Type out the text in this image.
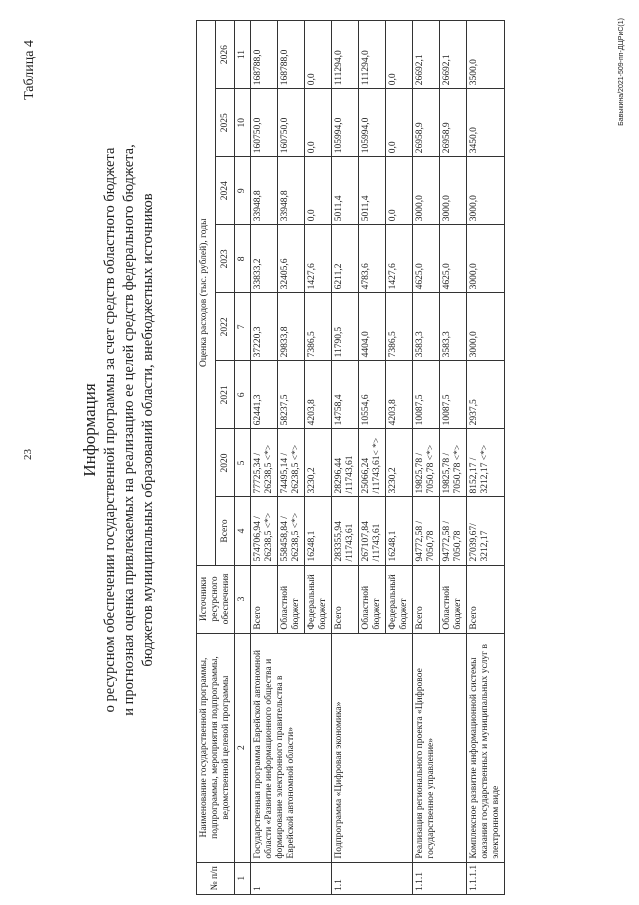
23
Таблица 4
Информация о ресурсном обеспечении государственной программы за счет средств областного бюджета и прогнозная оценка привлекаемых на реализацию ее целей средств федерального бюджета, бюджетов муниципальных образований области, внебюджетных источников
№ п/п	Наименование государственной программы, подпрограммы, мероприятия подпрограммы, ведомственной целевой программы	Источники ресурсного обеспечения	Оценка расходов (тыс. рублей), годы							
			Всего	2020	2021	2022	2023	2024	2025	2026
1	2	3	4	5	6	7	8	9	10	11
1	Государственная программа Еврейской автономной области «Развитие информационного общества и формирование электронного правительства в Еврейской автономной области»	Всего	574706,94 / 26238,5 <*>	77725,34 / 26238,5 <*>	62441,3	37220,3	33833,2	33948,8	160750,0	168788,0
		Областной бюджет	558458,84 / 26238,5 <*>	74495,14 / 26238,5 <*>	58237,5	29833,8	32405,6	33948,8	160750,0	168788,0
		Федеральный бюджет	16248,1	3230,2	4203,8	7386,5	1427,6	0,0	0,0	0,0
1.1	Подпрограмма «Цифровая экономика»	Всего	283355,94 /11743,61	28296,44 /11743,61	14758,4	11790,5	6211,2	5011,4	105994,0	111294,0
		Областной бюджет	267107,84 /11743,61	25066,24 /11743,61< *>	10554,6	4404,0	4783,6	5011,4	105994,0	111294,0
		Федеральный бюджет	16248,1	3230,2	4203,8	7386,5	1427,6	0,0	0,0	0,0
1.1.1	Реализация регионального проекта «Цифровое государственное управление»	Всего	94772,58 / 7050,78	19825,78 / 7050,78 <*>	10087,5	3583,3	4625,0	3000,0	26958,9	26692,1
		Областной бюджет	94772,58 / 7050,78	19825,78 / 7050,78 <*>	10087,5	3583,3	4625,0	3000,0	26958,9	26692,1
1.1.1.1	Комплексное развитие информационной системы оказания государственных и муниципальных услуг в электронном виде	Всего	27039,67/ 3212,17	8152,17 / 3212,17 <*>	2937,5	3000,0	3000,0	3000,0	3450,0	3500,0	Бавыкина/2021-509-пп-ДЦРиС(1)
